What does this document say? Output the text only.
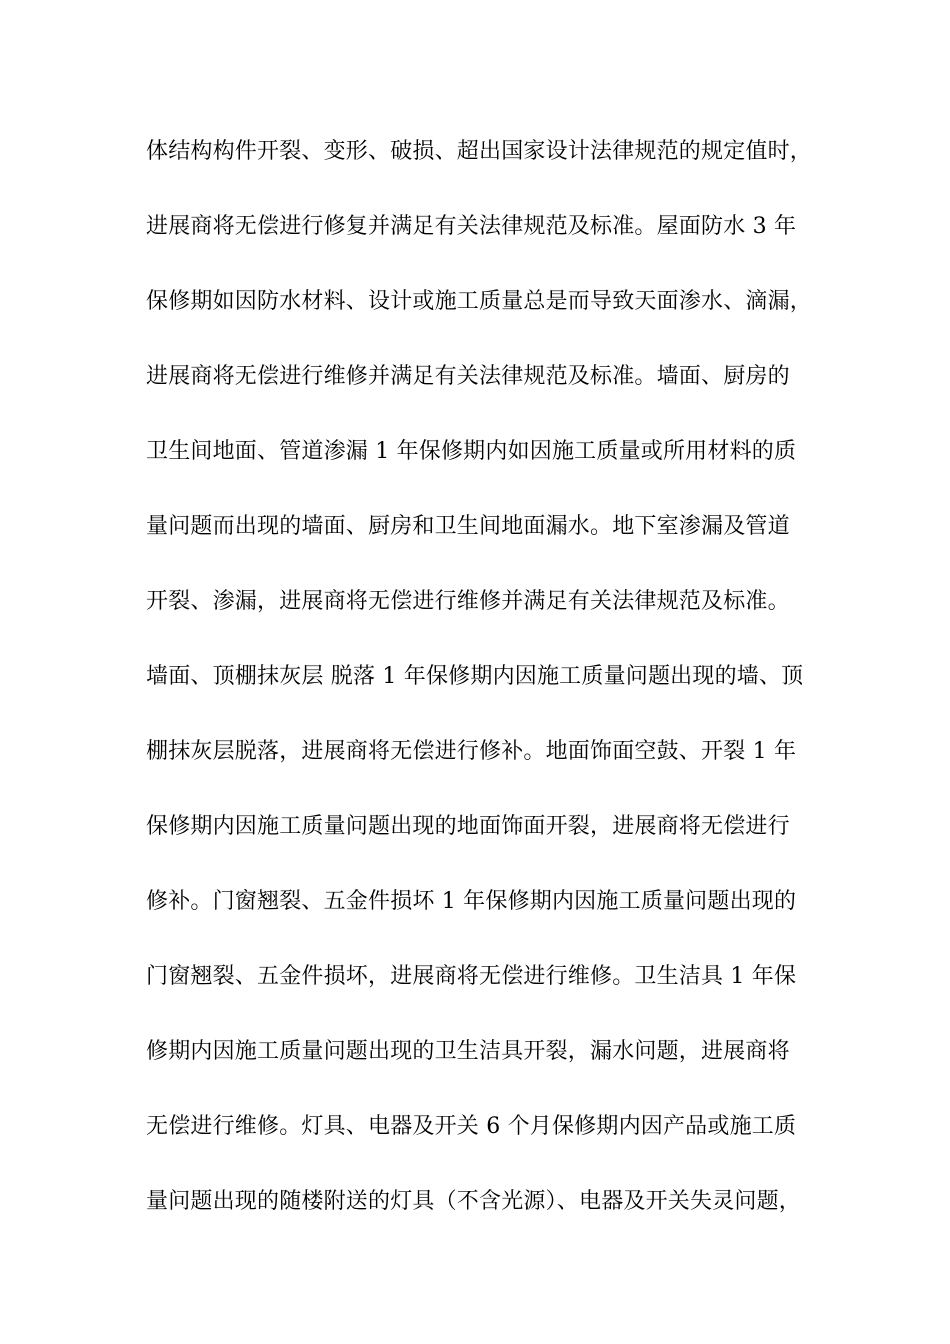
体结构构件开裂、变形、破损、超出国家设计法律规范的规定值时，
进展商将无偿进行修复并满足有关法律规范及标准。屋面防水 3 年
保修期如因防水材料、设计或施工质量总是而导致天面渗水、滴漏，
进展商将无偿进行维修并满足有关法律规范及标准。墙面、厨房的
卫生间地面、管道渗漏 1 年保修期内如因施工质量或所用材料的质
量问题而出现的墙面、厨房和卫生间地面漏水。地下室渗漏及管道
开裂、渗漏，进展商将无偿进行维修并满足有关法律规范及标准。
墙面、顶棚抹灰层 脱落 1 年保修期内因施工质量问题出现的墙、顶
棚抹灰层脱落，进展商将无偿进行修补。地面饰面空鼓、开裂 1 年
保修期内因施工质量问题出现的地面饰面开裂，进展商将无偿进行
修补。门窗翘裂、五金件损坏 1 年保修期内因施工质量问题出现的
门窗翘裂、五金件损坏，进展商将无偿进行维修。卫生洁具 1 年保
修期内因施工质量问题出现的卫生洁具开裂，漏水问题，进展商将
无偿进行维修。灯具、电器及开关 6 个月保修期内因产品或施工质
量问题出现的随楼附送的灯具（不含光源）、电器及开关失灵问题，
